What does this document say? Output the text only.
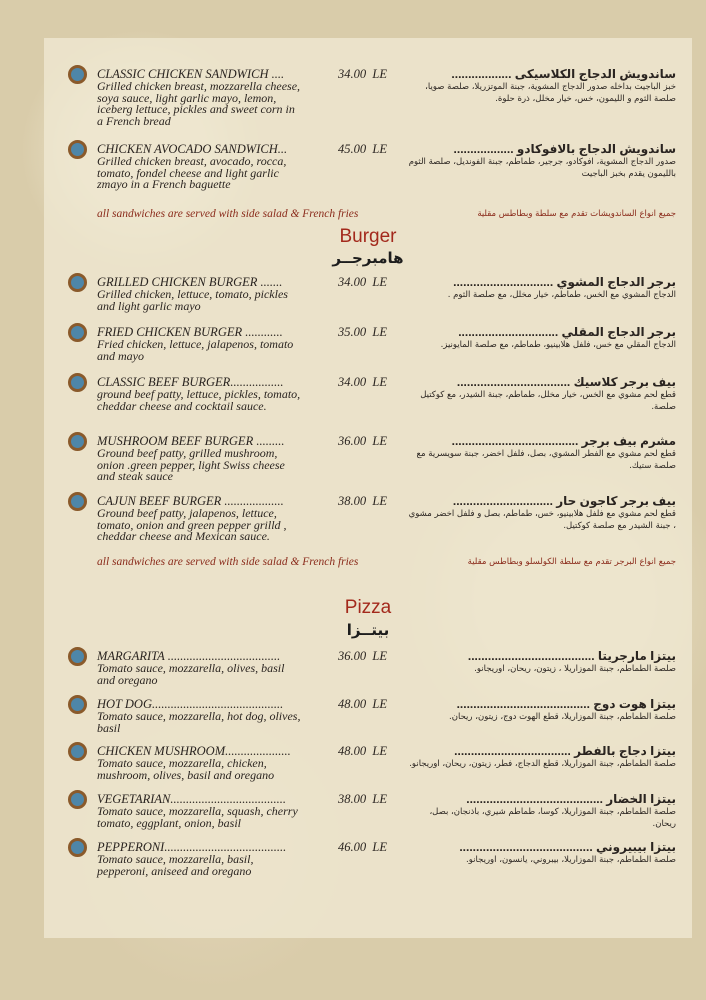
CLASSIC CHICKEN SANDWICH ....
Grilled chicken breast, mozzarella cheese, soya sauce, light garlic mayo, lemon, iceberg lettuce, pickles and sweet corn in a French bread
34.00  LE	ساندويش الدجاج الكلاسيكى ..................
خبز الباجيت بداخله صدور الدجاج المشوية، جبنة الموتزريلا، صلصة صويا، صلصة الثوم و الليمون، خس، خيار مخلل، ذرة حلوة.
CHICKEN AVOCADO SANDWICH...
Grilled chicken breast, avocado, rocca, tomato, fondel cheese and light garlic zmayo in a French baguette
45.00  LE	ساندويش الدجاج بالافوكادو ..................
صدور الدجاج المشوية، افوكادو، جرجير، طماطم، جبنة الفونديل، صلصة الثوم بالليمون يقدم بخبز الباجيت
all sandwiches are served with side salad & French fries	جميع انواع الساندويشات تقدم مع سلطة وبطاطس مقلية
Burger
هامبرجــر
GRILLED CHICKEN BURGER .......
Grilled chicken, lettuce, tomato, pickles and light garlic mayo
34.00  LE	برجر الدجاج المشوي ..............................
الدجاج المشوي مع الخس، طماطم، خيار مخلل، مع صلصة الثوم .
FRIED CHICKEN BURGER ............
Fried chicken, lettuce, jalapenos, tomato and mayo
35.00  LE	برجر الدجاج المقلي ..............................
الدجاج المقلي مع خس، فلفل هلابينيو، طماطم، مع صلصة المايونيز.
CLASSIC BEEF BURGER.................
ground beef patty, lettuce, pickles, tomato, cheddar cheese and cocktail sauce.
34.00  LE	بيف برجر كلاسيك ..................................
قطع لحم مشوي مع الخس، خيار مخلل، طماطم، جبنة الشيدر، مع كوكتيل صلصة.
MUSHROOM BEEF BURGER .........
Ground beef patty, grilled mushroom, onion .green pepper, light Swiss cheese and steak sauce
36.00  LE	مشرم بيف برجر ......................................
قطع لحم مشوي مع الفطر المشوي، بصل، فلفل اخضر، جبنة سويسرية مع صلصة ستيك.
CAJUN BEEF BURGER ...................
Ground beef patty, jalapenos, lettuce, tomato, onion and green pepper grilld , cheddar cheese and Mexican sauce.
38.00  LE	بيف برجر كاجون حار ..............................
قطع لحم مشوي مع فلفل هلابينيو، خس، طماطم، بصل و فلفل اخضر مشوي ، جبنة الشيدر مع صلصة كوكتيل.
all sandwiches are served with side salad & French fries	جميع انواع البرجر تقدم مع سلطة الكولسلو وبطاطس مقلية
Pizza
بيتــزا
MARGARITA ....................................
Tomato sauce, mozzarella, olives, basil and oregano
36.00  LE	بيتزا مارجريتا ......................................
صلصة الطماطم، جبنة الموزاريلا ، زيتون، ريحان، اوريجانو.
HOT DOG..........................................
Tomato sauce, mozzarella, hot dog, olives, basil
48.00  LE	بيتزا هوت دوج ........................................
صلصة الطماطم، جبنة الموزاريلا، قطع الهوت دوج، زيتون، ريحان.
CHICKEN MUSHROOM.....................
Tomato sauce, mozzarella, chicken, mushroom, olives, basil and oregano
48.00  LE	بيتزا دجاج بالفطر ...................................
صلصة الطماطم، جبنة الموزاريلا، قطع الدجاج، فطر، زيتون، ريحان، اوريجانو.
VEGETARIAN.....................................
Tomato sauce, mozzarella, squash, cherry tomato, eggplant, onion, basil
38.00  LE	بيتزا الخضار .........................................
صلصة الطماطم، جبنة الموزاريلا، كوسا، طماطم شيري، باذنجان، بصل، ريحان.
PEPPERONI.......................................
Tomato sauce, mozzarella, basil, pepperoni, aniseed and oregano
46.00  LE	بيتزا بيبيروني ........................................
صلصة الطماطم، جبنة الموزاريلا، بيبروني، يانسون، اوريجانو.
